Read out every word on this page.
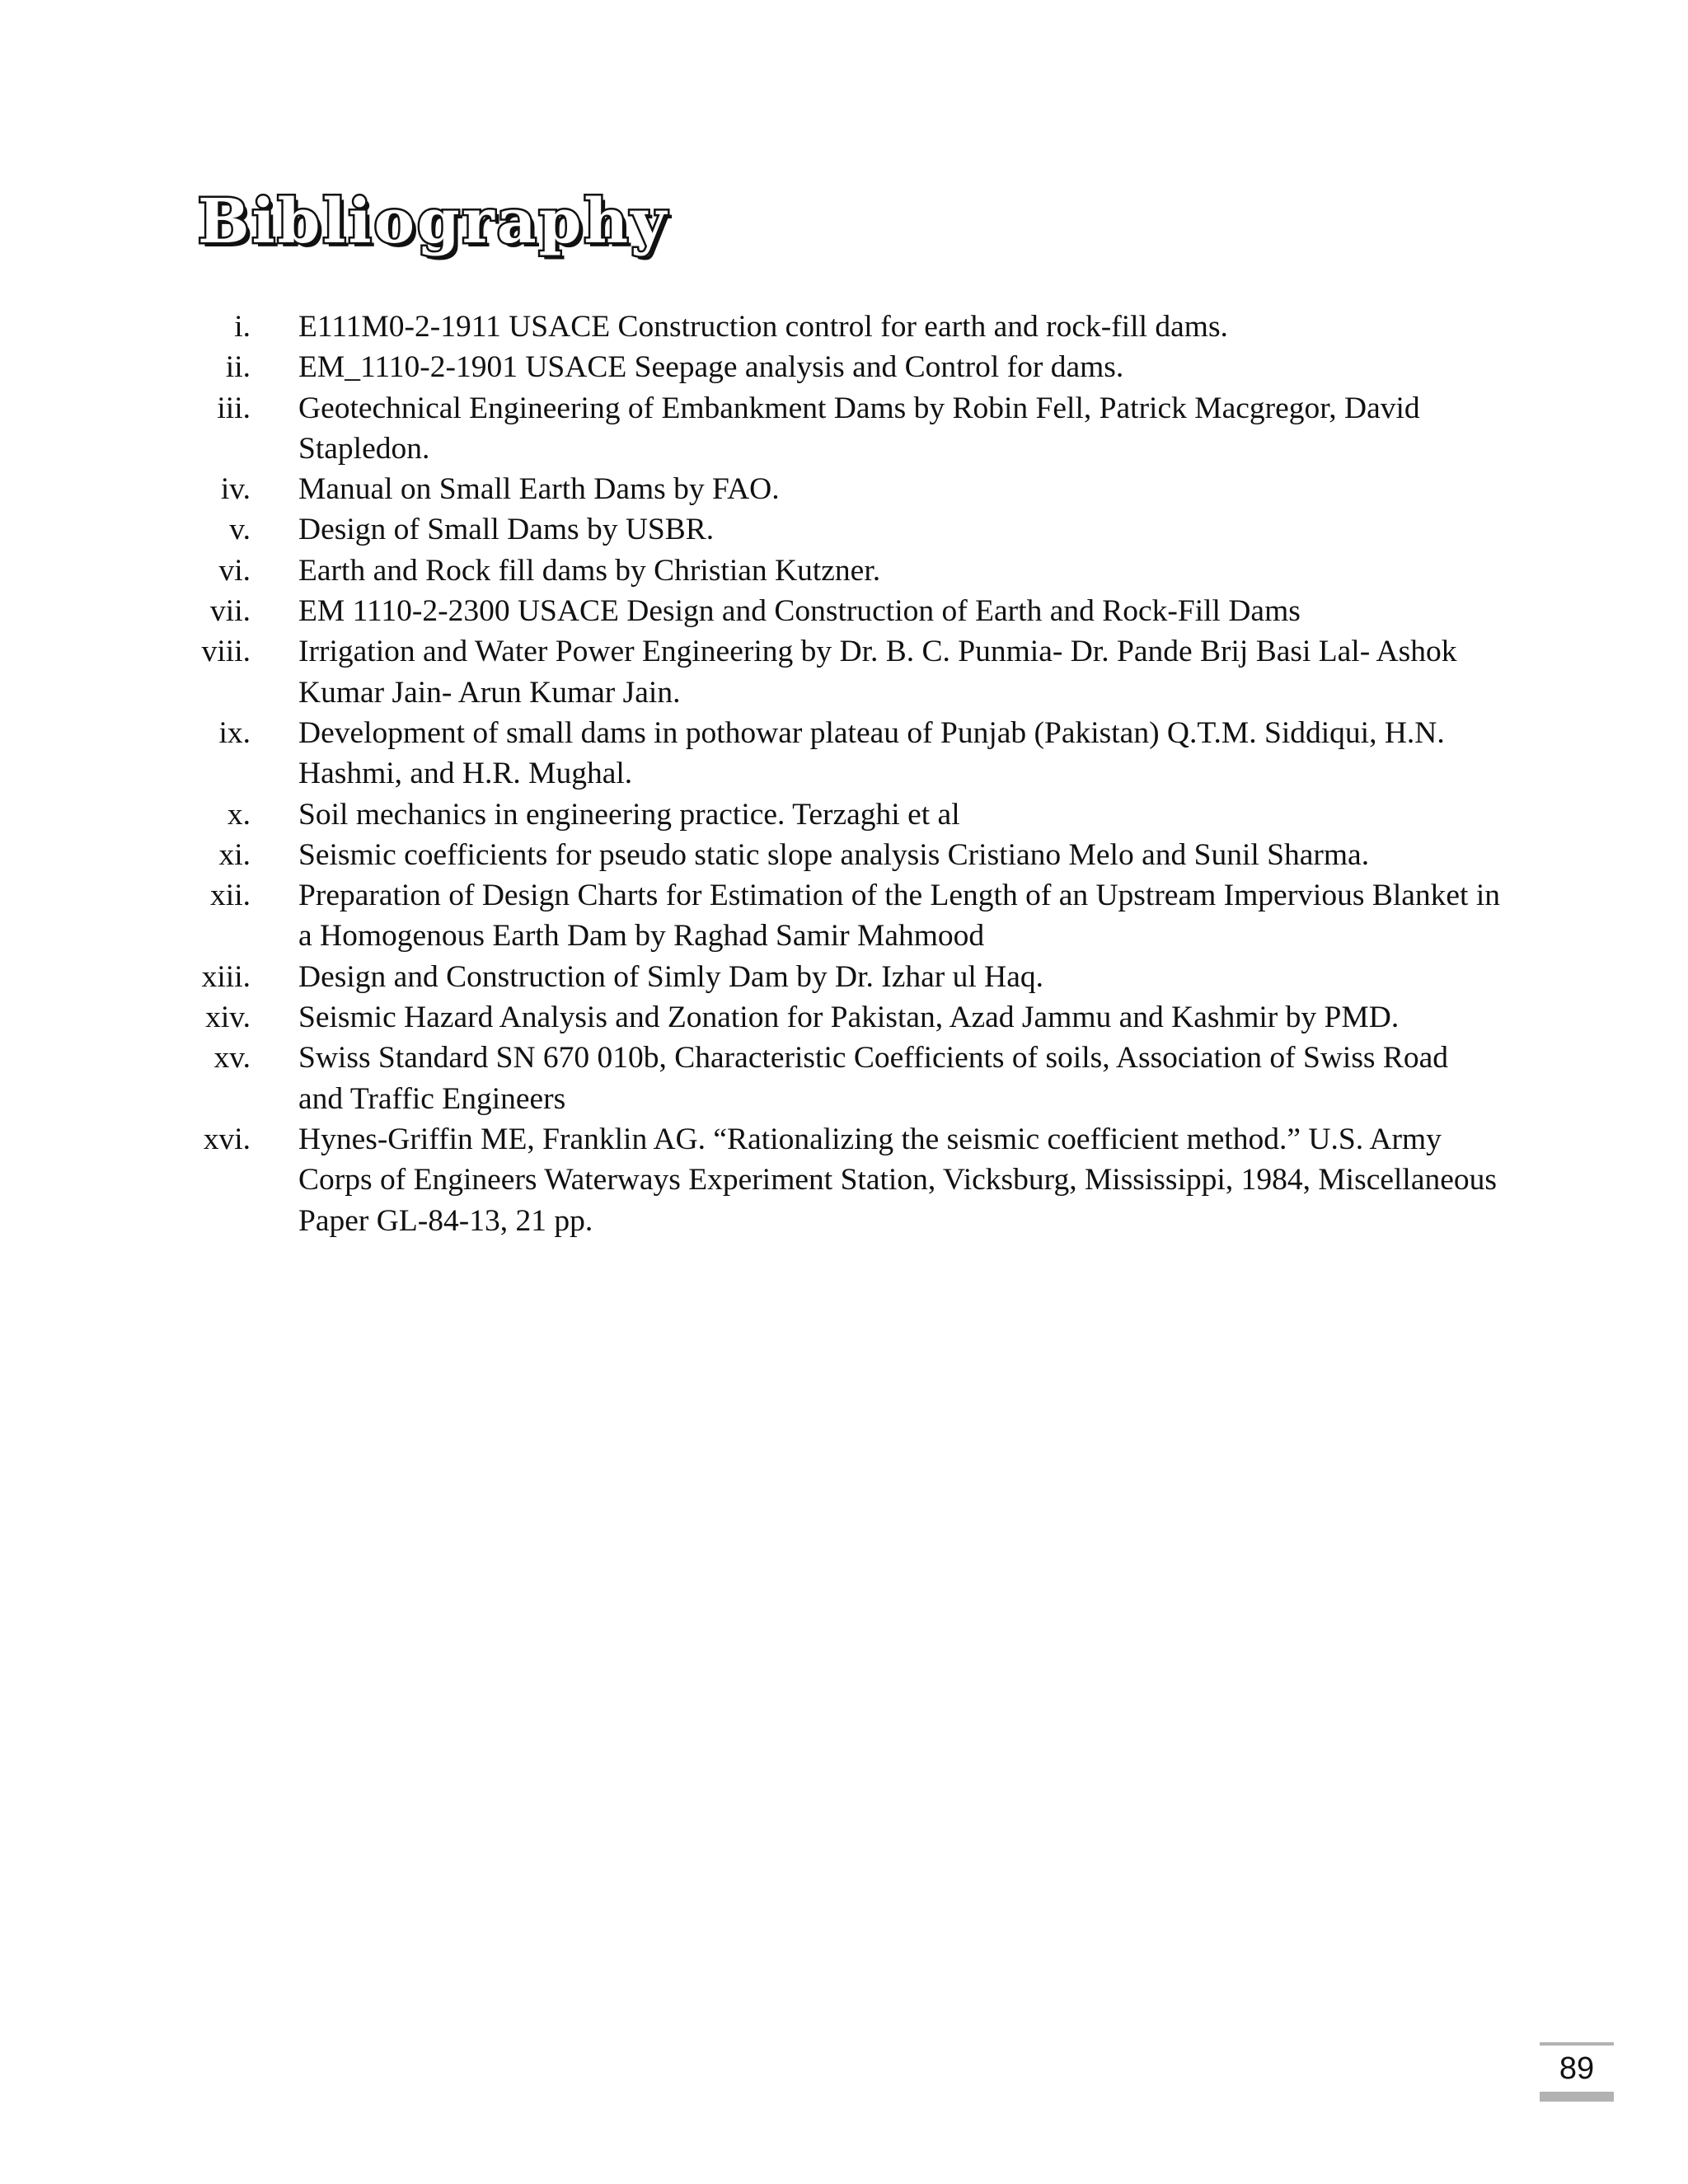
Bibliography
i. E111M0-2-1911 USACE Construction control for earth and rock-fill dams.
ii. EM_1110-2-1901 USACE Seepage analysis and Control for dams.
iii. Geotechnical Engineering of Embankment Dams by Robin Fell, Patrick Macgregor, David Stapledon.
iv. Manual on Small Earth Dams by FAO.
v. Design of Small Dams by USBR.
vi. Earth and Rock fill dams by Christian Kutzner.
vii. EM 1110-2-2300 USACE Design and Construction of Earth and Rock-Fill Dams
viii. Irrigation and Water Power Engineering by Dr. B. C. Punmia- Dr. Pande Brij Basi Lal- Ashok Kumar Jain- Arun Kumar Jain.
ix. Development of small dams in pothowar plateau of Punjab (Pakistan) Q.T.M. Siddiqui, H.N. Hashmi, and H.R. Mughal.
x. Soil mechanics in engineering practice. Terzaghi et al
xi. Seismic coefficients for pseudo static slope analysis Cristiano Melo and Sunil Sharma.
xii. Preparation of Design Charts for Estimation of the Length of an Upstream Impervious Blanket in a Homogenous Earth Dam by Raghad Samir Mahmood
xiii. Design and Construction of Simly Dam by Dr. Izhar ul Haq.
xiv. Seismic Hazard Analysis and Zonation for Pakistan, Azad Jammu and Kashmir by PMD.
xv. Swiss Standard SN 670 010b, Characteristic Coefficients of soils, Association of Swiss Road and Traffic Engineers
xvi. Hynes-Griffin ME, Franklin AG. “Rationalizing the seismic coefficient method.” U.S. Army Corps of Engineers Waterways Experiment Station, Vicksburg, Mississippi, 1984, Miscellaneous Paper GL-84-13, 21 pp.
89
